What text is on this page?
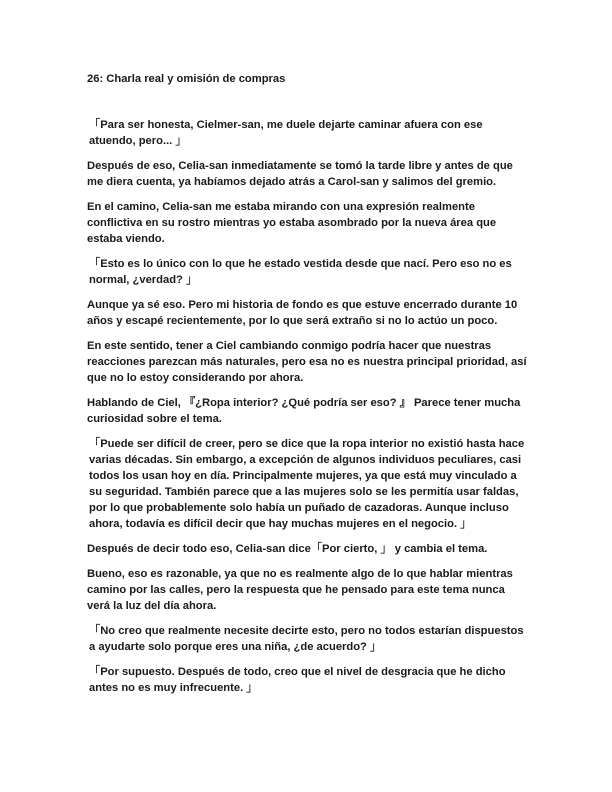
26: Charla real y omisión de compras

「Para ser honesta, Cielmer-san, me duele dejarte caminar afuera con ese atuendo, pero... 」

Después de eso, Celia-san inmediatamente se tomó la tarde libre y antes de que me diera cuenta, ya habíamos dejado atrás a Carol-san y salimos del gremio.

En el camino, Celia-san me estaba mirando con una expresión realmente conflictiva en su rostro mientras yo estaba asombrado por la nueva área que estaba viendo.

「Esto es lo único con lo que he estado vestida desde que nací. Pero eso no es normal, ¿verdad? 」

Aunque ya sé eso. Pero mi historia de fondo es que estuve encerrado durante 10 años y escapé recientemente, por lo que será extraño si no lo actúo un poco.

En este sentido, tener a Ciel cambiando conmigo podría hacer que nuestras reacciones parezcan más naturales, pero esa no es nuestra principal prioridad, así que no lo estoy considerando por ahora.

Hablando de Ciel, 『¿Ropa interior? ¿Qué podría ser eso? 』 Parece tener mucha curiosidad sobre el tema.

「Puede ser difícil de creer, pero se dice que la ropa interior no existió hasta hace varias décadas. Sin embargo, a excepción de algunos individuos peculiares, casi todos los usan hoy en día. Principalmente mujeres, ya que está muy vinculado a su seguridad. También parece que a las mujeres solo se les permitía usar faldas, por lo que probablemente solo había un puñado de cazadoras. Aunque incluso ahora, todavía es difícil decir que hay muchas mujeres en el negocio. 」

Después de decir todo eso, Celia-san dice「Por cierto, 」 y cambia el tema.

Bueno, eso es razonable, ya que no es realmente algo de lo que hablar mientras camino por las calles, pero la respuesta que he pensado para este tema nunca verá la luz del día ahora.

「No creo que realmente necesite decirte esto, pero no todos estarían dispuestos a ayudarte solo porque eres una niña, ¿de acuerdo? 」

「Por supuesto. Después de todo, creo que el nivel de desgracia que he dicho antes no es muy infrecuente. 」
